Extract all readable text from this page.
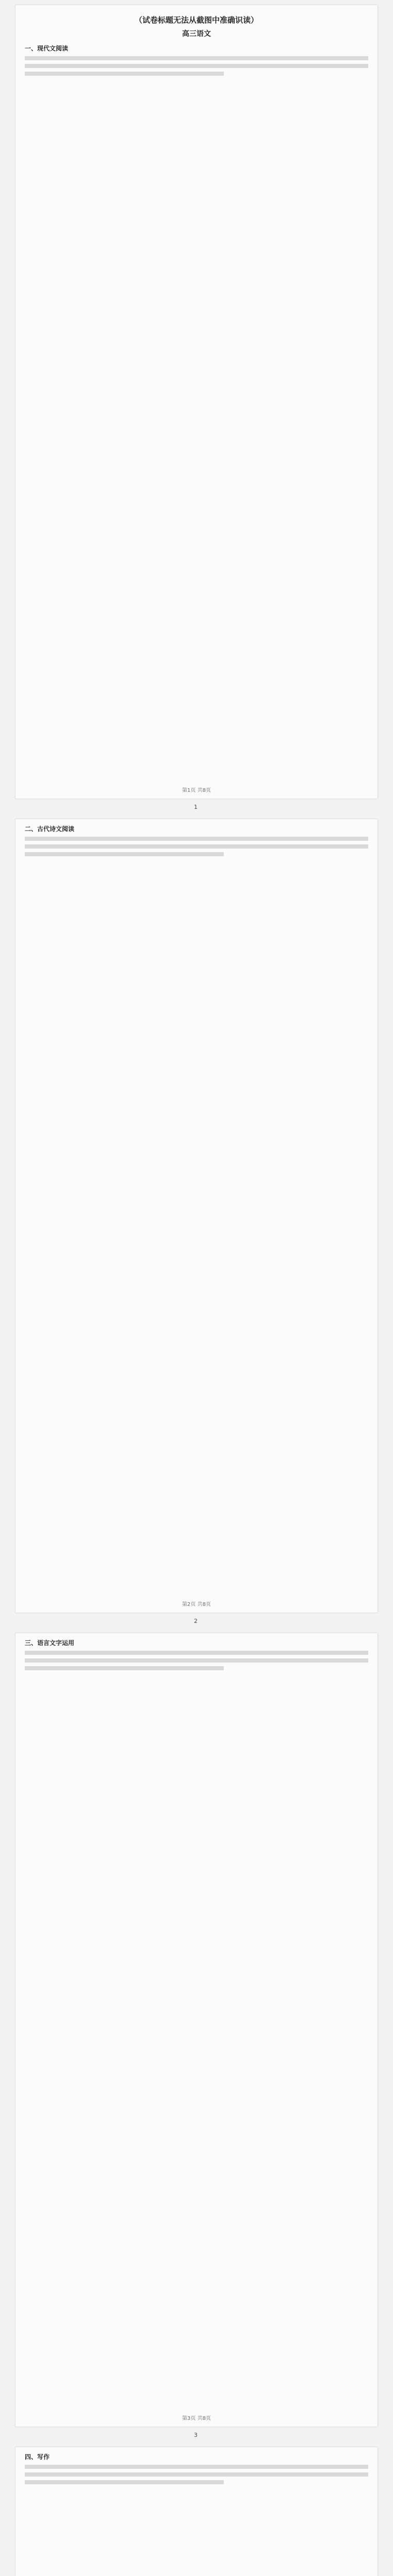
（试卷标题无法从截图中准确识读）
高三语文
一、现代文阅读
第1页 共8页
1
二、古代诗文阅读
第2页 共8页
2
三、语言文字运用
第3页 共8页
3
四、写作
